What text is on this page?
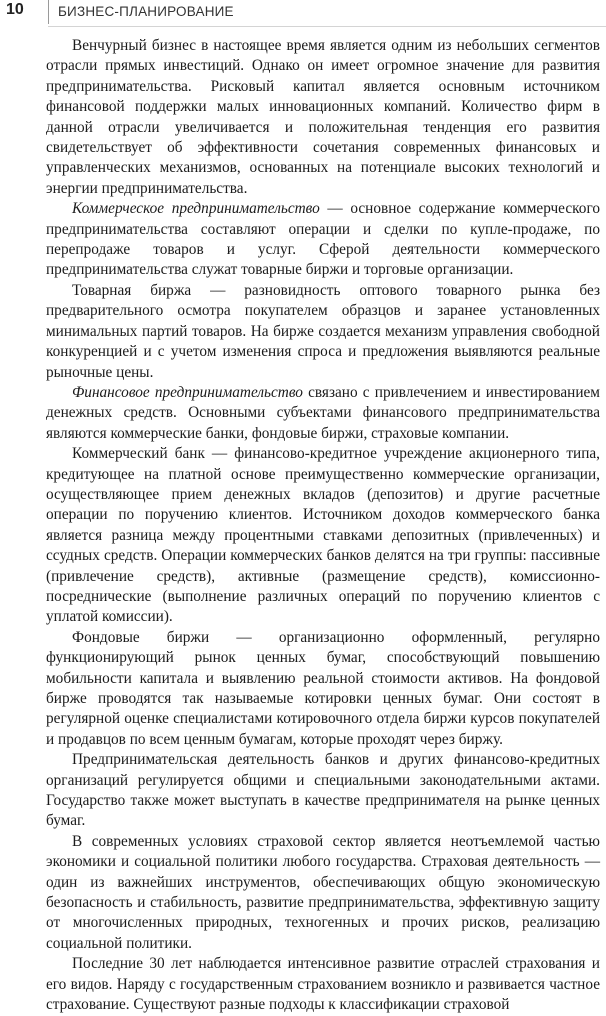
10	БИЗНЕС-ПЛАНИРОВАНИЕ

Венчурный бизнес в настоящее время является одним из небольших сегментов отрасли прямых инвестиций. Однако он имеет огромное значение для развития предпринимательства. Рисковый капитал является основным источником финансовой поддержки малых инновационных компаний. Количество фирм в данной отрасли увеличивается и положительная тенденция его развития свидетельствует об эффективности сочетания современных финансовых и управленческих механизмов, основанных на потенциале высоких технологий и энергии предпринимательства.

Коммерческое предпринимательство — основное содержание коммерческого предпринимательства составляют операции и сделки по купле-продаже, по перепродаже товаров и услуг. Сферой деятельности коммерческого предпринимательства служат товарные биржи и торговые организации.

Товарная биржа — разновидность оптового товарного рынка без предварительного осмотра покупателем образцов и заранее установленных минимальных партий товаров. На бирже создается механизм управления свободной конкуренцией и с учетом изменения спроса и предложения выявляются реальные рыночные цены.

Финансовое предпринимательство связано с привлечением и инвестированием денежных средств. Основными субъектами финансового предпринимательства являются коммерческие банки, фондовые биржи, страховые компании.

Коммерческий банк — финансово-кредитное учреждение акционерного типа, кредитующее на платной основе преимущественно коммерческие организации, осуществляющее прием денежных вкладов (депозитов) и другие расчетные операции по поручению клиентов. Источником доходов коммерческого банка является разница между процентными ставками депозитных (привлеченных) и ссудных средств. Операции коммерческих банков делятся на три группы: пассивные (привлечение средств), активные (размещение средств), комиссионно-посреднические (выполнение различных операций по поручению клиентов с уплатой комиссии).

Фондовые биржи — организационно оформленный, регулярно функционирующий рынок ценных бумаг, способствующий повышению мобильности капитала и выявлению реальной стоимости активов. На фондовой бирже проводятся так называемые котировки ценных бумаг. Они состоят в регулярной оценке специалистами котировочного отдела биржи курсов покупателей и продавцов по всем ценным бумагам, которые проходят через биржу.

Предпринимательская деятельность банков и других финансово-кредитных организаций регулируется общими и специальными законодательными актами. Государство также может выступать в качестве предпринимателя на рынке ценных бумаг.

В современных условиях страховой сектор является неотъемлемой частью экономики и социальной политики любого государства. Страховая деятельность — один из важнейших инструментов, обеспечивающих общую экономическую безопасность и стабильность, развитие предпринимательства, эффективную защиту от многочисленных природных, техногенных и прочих рисков, реализацию социальной политики.

Последние 30 лет наблюдается интенсивное развитие отраслей страхования и его видов. Наряду с государственным страхованием возникло и развивается частное страхование. Существуют разные подходы к классификации страховой
